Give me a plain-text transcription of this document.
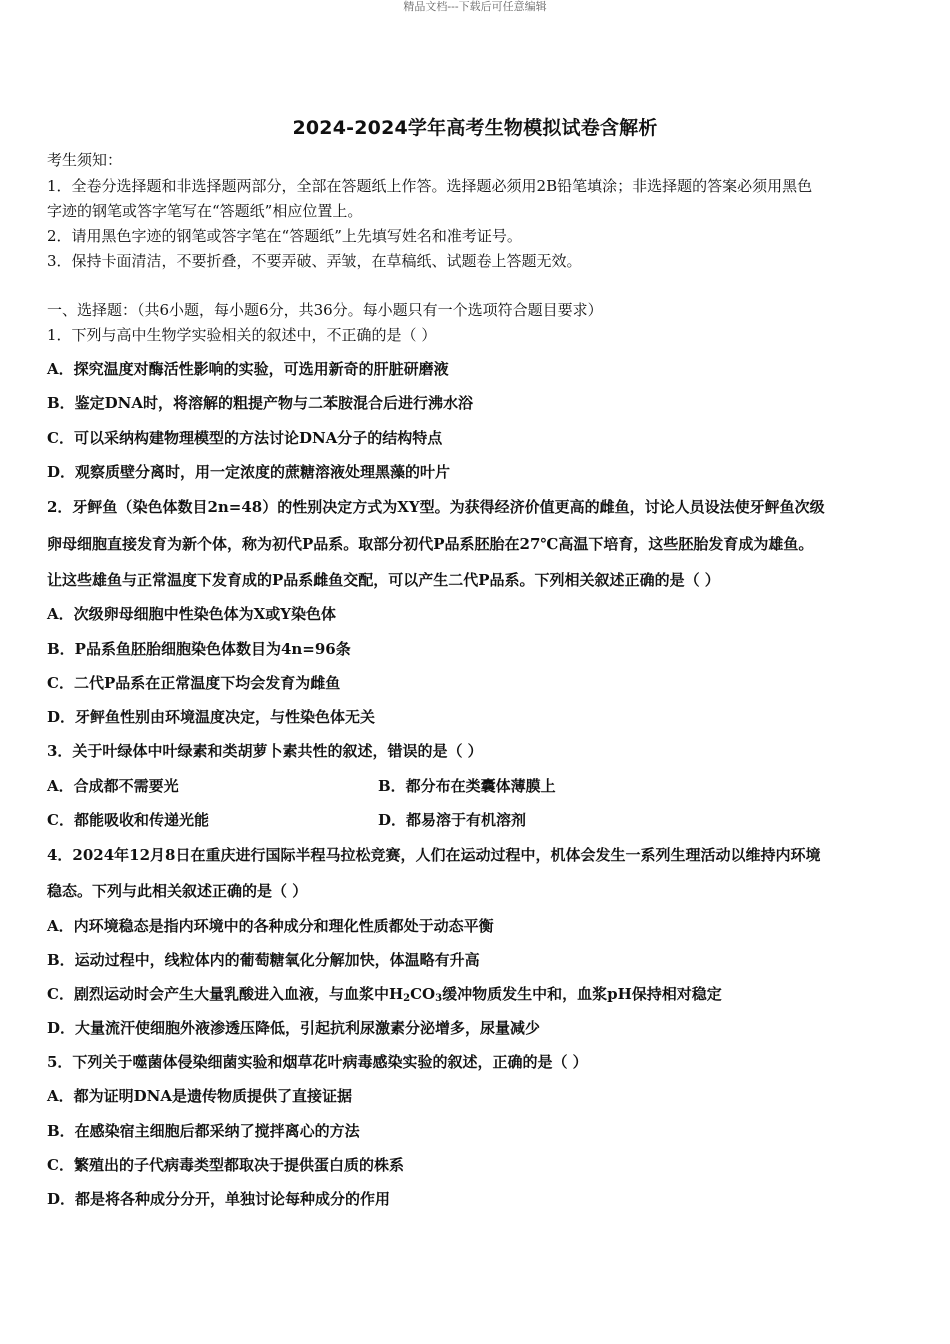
精品文档---下载后可任意编辑
2024-2024学年高考生物模拟试卷含解析
考生须知：
1．全卷分选择题和非选择题两部分，全部在答题纸上作答。选择题必须用2B铅笔填涂；非选择题的答案必须用黑色
字迹的钢笔或答字笔写在“答题纸”相应位置上。
2．请用黑色字迹的钢笔或答字笔在“答题纸”上先填写姓名和准考证号。
3．保持卡面清洁，不要折叠，不要弄破、弄皱，在草稿纸、试题卷上答题无效。
一、选择题：（共6小题，每小题6分，共36分。每小题只有一个选项符合题目要求）
1．下列与高中生物学实验相关的叙述中，不正确的是（ ）
A．探究温度对酶活性影响的实验，可选用新奇的肝脏研磨液
B．鉴定DNA时，将溶解的粗提产物与二苯胺混合后进行沸水浴
C．可以采纳构建物理模型的方法讨论DNA分子的结构特点
D．观察质壁分离时，用一定浓度的蔗糖溶液处理黑藻的叶片
2．牙鲆鱼（染色体数目2n=48）的性别决定方式为XY型。为获得经济价值更高的雌鱼，讨论人员设法使牙鲆鱼次级
卵母细胞直接发育为新个体，称为初代P品系。取部分初代P品系胚胎在27℃高温下培育，这些胚胎发育成为雄鱼。
让这些雄鱼与正常温度下发育成的P品系雌鱼交配，可以产生二代P品系。下列相关叙述正确的是（ ）
A．次级卵母细胞中性染色体为X或Y染色体
B．P品系鱼胚胎细胞染色体数目为4n=96条
C．二代P品系在正常温度下均会发育为雌鱼
D．牙鲆鱼性别由环境温度决定，与性染色体无关
3．关于叶绿体中叶绿素和类胡萝卜素共性的叙述，错误的是（ ）
A．合成都不需要光	B．都分布在类囊体薄膜上
C．都能吸收和传递光能	D．都易溶于有机溶剂
4．2024年12月8日在重庆进行国际半程马拉松竞赛，人们在运动过程中，机体会发生一系列生理活动以维持内环境
稳态。下列与此相关叙述正确的是（ ）
A．内环境稳态是指内环境中的各种成分和理化性质都处于动态平衡
B．运动过程中，线粒体内的葡萄糖氧化分解加快，体温略有升高
C．剧烈运动时会产生大量乳酸进入血液，与血浆中$H_2CO_3$缓冲物质发生中和，血浆pH保持相对稳定
D．大量流汗使细胞外液渗透压降低，引起抗利尿激素分泌增多，尿量减少
5．下列关于噬菌体侵染细菌实验和烟草花叶病毒感染实验的叙述，正确的是（ ）
A．都为证明DNA是遗传物质提供了直接证据
B．在感染宿主细胞后都采纳了搅拌离心的方法
C．繁殖出的子代病毒类型都取决于提供蛋白质的株系
D．都是将各种成分分开，单独讨论每种成分的作用
